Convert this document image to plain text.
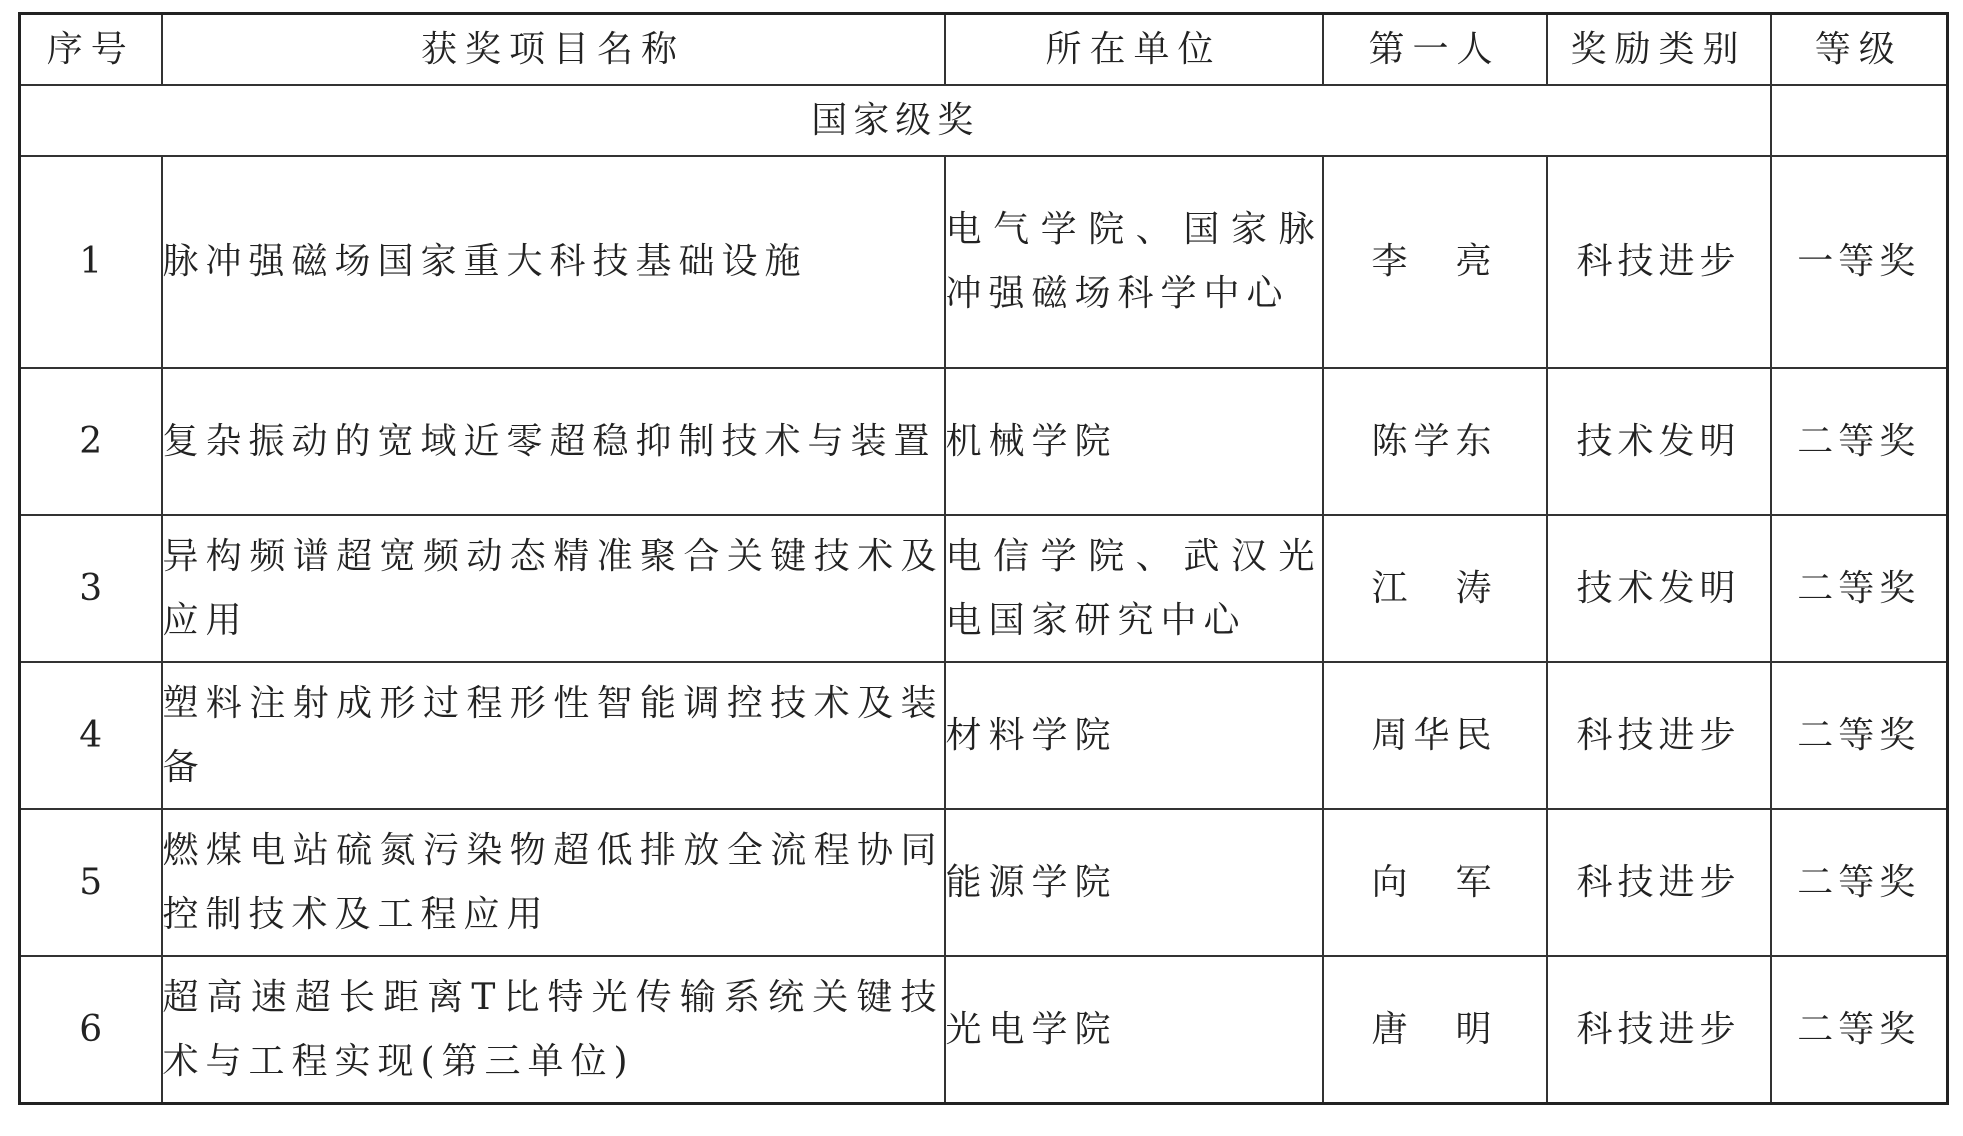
序号	获奖项目名称	所在单位	第一人	奖励类别	等级
国家级奖					
1	脉冲强磁场国家重大科技基础设施	电气学院、国家脉冲强磁场科学中心	李　亮	科技进步	一等奖
2	复杂振动的宽域近零超稳抑制技术与装置	机械学院	陈学东	技术发明	二等奖
3	异构频谱超宽频动态精准聚合关键技术及应用	电信学院、武汉光电国家研究中心	江　涛	技术发明	二等奖
4	塑料注射成形过程形性智能调控技术及装备	材料学院	周华民	科技进步	二等奖
5	燃煤电站硫氮污染物超低排放全流程协同控制技术及工程应用	能源学院	向　军	科技进步	二等奖
6	超高速超长距离T比特光传输系统关键技术与工程实现(第三单位)	光电学院	唐　明	科技进步	二等奖
